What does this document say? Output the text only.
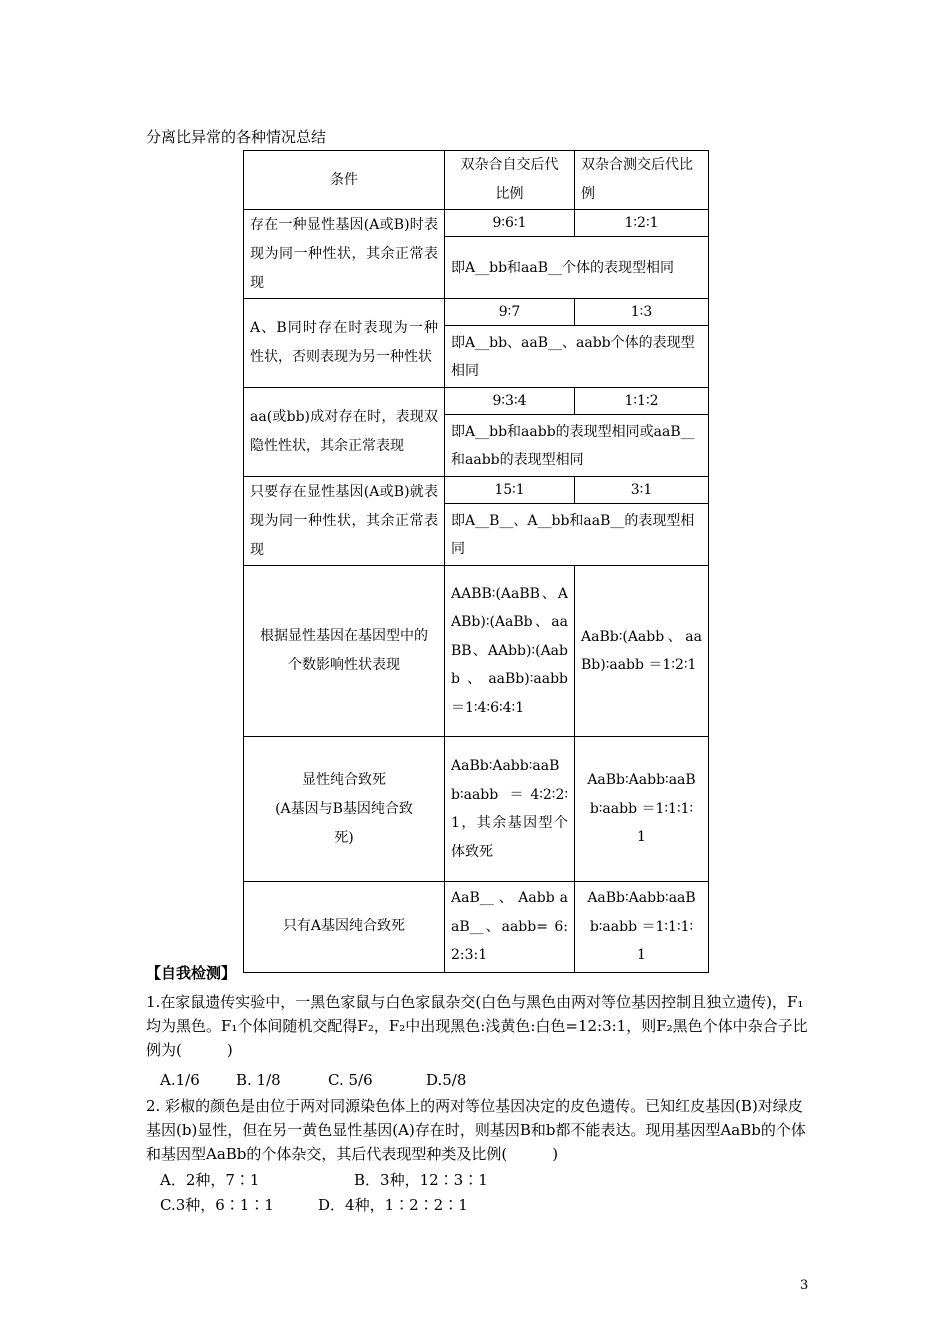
分离比异常的各种情况总结
条件	双杂合自交后代比例	双杂合测交后代比例
存在一种显性基因(A或B)时表现为同一种性状，其余正常表现	9∶6∶1	1∶2∶1
	即A__bb和aaB__个体的表现型相同	
A、B同时存在时表现为一种性状，否则表现为另一种性状	9∶7	1∶3
	即A__bb、aaB__、aabb个体的表现型相同	
aa(或bb)成对存在时，表现双隐性性状，其余正常表现	9∶3∶4	1∶1∶2
	即A__bb和aabb的表现型相同或aaB__和aabb的表现型相同	
只要存在显性基因(A或B)就表现为同一种性状，其余正常表现	15∶1	3∶1
	即A__B__、A__bb和aaB__的表现型相同	
根据显性基因在基因型中的个数影响性状表现	AABB∶(AaBB、AABb)∶(AaBb、aaBB、AAbb)∶(Aabb、aaBb)∶aabb ＝1∶4∶6∶4∶1	AaBb∶(Aabb、aaBb)∶aabb ＝1∶2∶1

显性纯合致死
(A基因与B基因纯合致死)	AaBb∶Aabb∶aaBb∶aabb ＝4∶2∶2∶1，其余基因型个体致死	AaBb∶Aabb∶aaBb∶aabb ＝1∶1∶1∶1
只有A基因纯合致死	AaB__ 、 Aabb aaB__、aabb= 6:2:3:1	AaBb∶Aabb∶aaBb∶aabb ＝1∶1∶1∶1
【自我检测】
1.在家鼠遗传实验中，一黑色家鼠与白色家鼠杂交(白色与黑色由两对等位基因控制且独立遗传)，F₁均为黑色。F₁个体间随机交配得F₂，F₂中出现黑色:浅黄色:白色=12:3:1，则F₂黑色个体中杂合子比例为(　　　)
A.1/6 B. 1/8	C. 5/6	D.5/8
2. 彩椒的颜色是由位于两对同源染色体上的两对等位基因决定的皮色遗传。已知红皮基因(B)对绿皮基因(b)显性，但在另一黄色显性基因(A)存在时，则基因B和b都不能表达。现用基因型AaBb的个体和基因型AaBb的个体杂交，其后代表现型种类及比例(　　　)
A．2种，7∶1	B．3种，12∶3∶1
C.3种，6∶1∶1	D．4种，1∶2∶2∶1
3
